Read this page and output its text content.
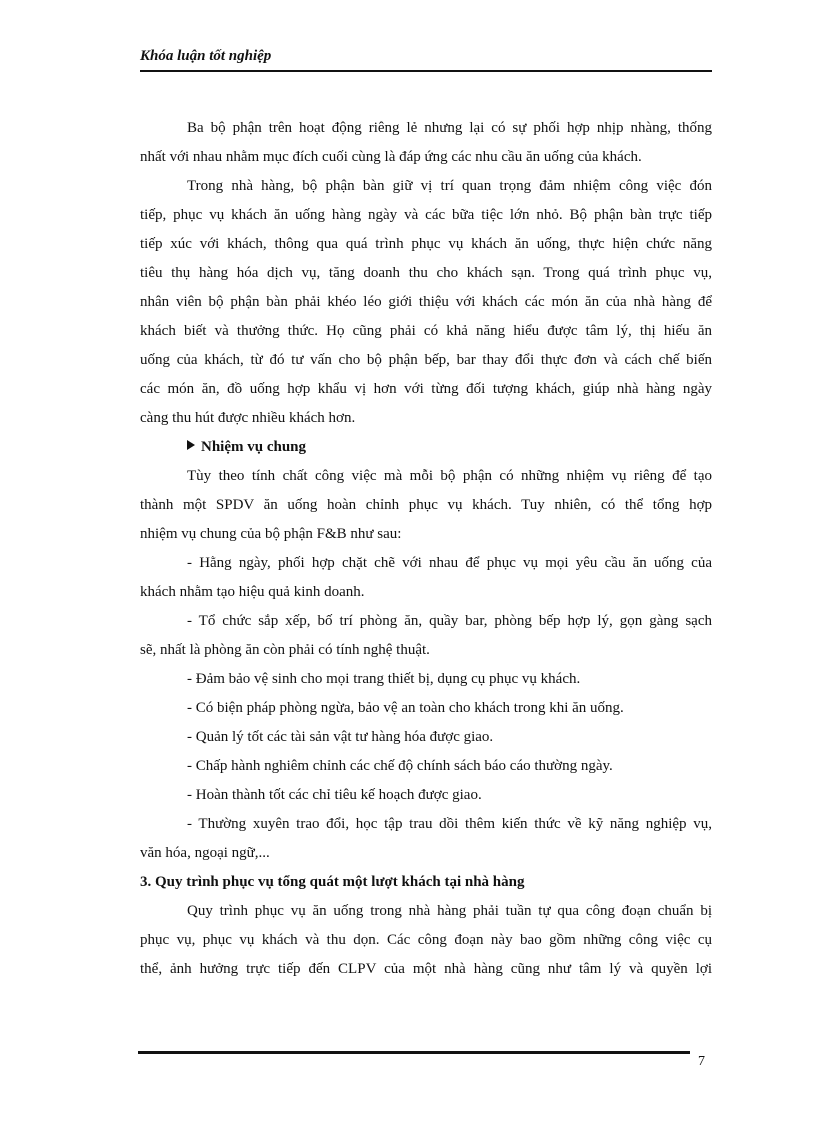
Khóa luận tốt nghiệp

Ba bộ phận trên hoạt động riêng lẻ nhưng lại có sự phối hợp nhịp nhàng, thống

nhất với nhau nhằm mục đích cuối cùng là đáp ứng các nhu cầu ăn uống của khách.

Trong nhà hàng, bộ phận bàn giữ vị trí quan trọng đảm nhiệm công việc đón

tiếp, phục vụ khách ăn uống hàng ngày và các bữa tiệc lớn nhỏ. Bộ phận bàn trực tiếp

tiếp xúc với khách, thông qua quá trình phục vụ khách ăn uống, thực hiện chức năng

tiêu thụ hàng hóa dịch vụ, tăng doanh thu cho khách sạn. Trong quá trình phục vụ,

nhân viên bộ phận bàn phải khéo léo giới thiệu với khách các món ăn của nhà hàng để

khách biết và thưởng thức. Họ cũng phải có khả năng hiểu được tâm lý, thị hiếu ăn

uống của khách, từ đó tư vấn cho bộ phận bếp, bar thay đổi thực đơn và cách chế biến

các món ăn, đồ uống hợp khẩu vị hơn với từng đối tượng khách, giúp nhà hàng ngày

càng thu hút được nhiều khách hơn.

Nhiệm vụ chung

Tùy theo tính chất công việc mà mỗi bộ phận có những nhiệm vụ riêng để tạo

thành một SPDV ăn uống hoàn chỉnh phục vụ khách. Tuy nhiên, có thể tổng hợp

nhiệm vụ chung của bộ phận F&B như sau:

- Hằng ngày, phối hợp chặt chẽ với nhau để phục vụ mọi yêu cầu ăn uống của

khách nhằm tạo hiệu quả kinh doanh.

- Tổ chức sắp xếp, bố trí phòng ăn, quầy bar, phòng bếp hợp lý, gọn gàng sạch

sẽ, nhất là phòng ăn còn phải có tính nghệ thuật.

- Đảm bảo vệ sinh cho mọi trang thiết bị, dụng cụ phục vụ khách.

- Có biện pháp phòng ngừa, bảo vệ an toàn cho khách trong khi ăn uống.

- Quản lý tốt các tài sản vật tư hàng hóa được giao.

- Chấp hành nghiêm chỉnh các chế độ chính sách báo cáo thường ngày.

- Hoàn thành tốt các chỉ tiêu kế hoạch được giao.

- Thường xuyên trao đổi, học tập trau dồi thêm kiến thức về kỹ năng nghiệp vụ,

văn hóa, ngoại ngữ,...

3. Quy trình phục vụ tổng quát một lượt khách tại nhà hàng

Quy trình phục vụ ăn uống trong nhà hàng phải tuần tự qua công đoạn chuẩn bị

phục vụ, phục vụ khách và thu dọn. Các công đoạn này bao gồm những công việc cụ

thể, ảnh hưởng trực tiếp đến CLPV của một nhà hàng cũng như tâm lý và quyền lợi

7
